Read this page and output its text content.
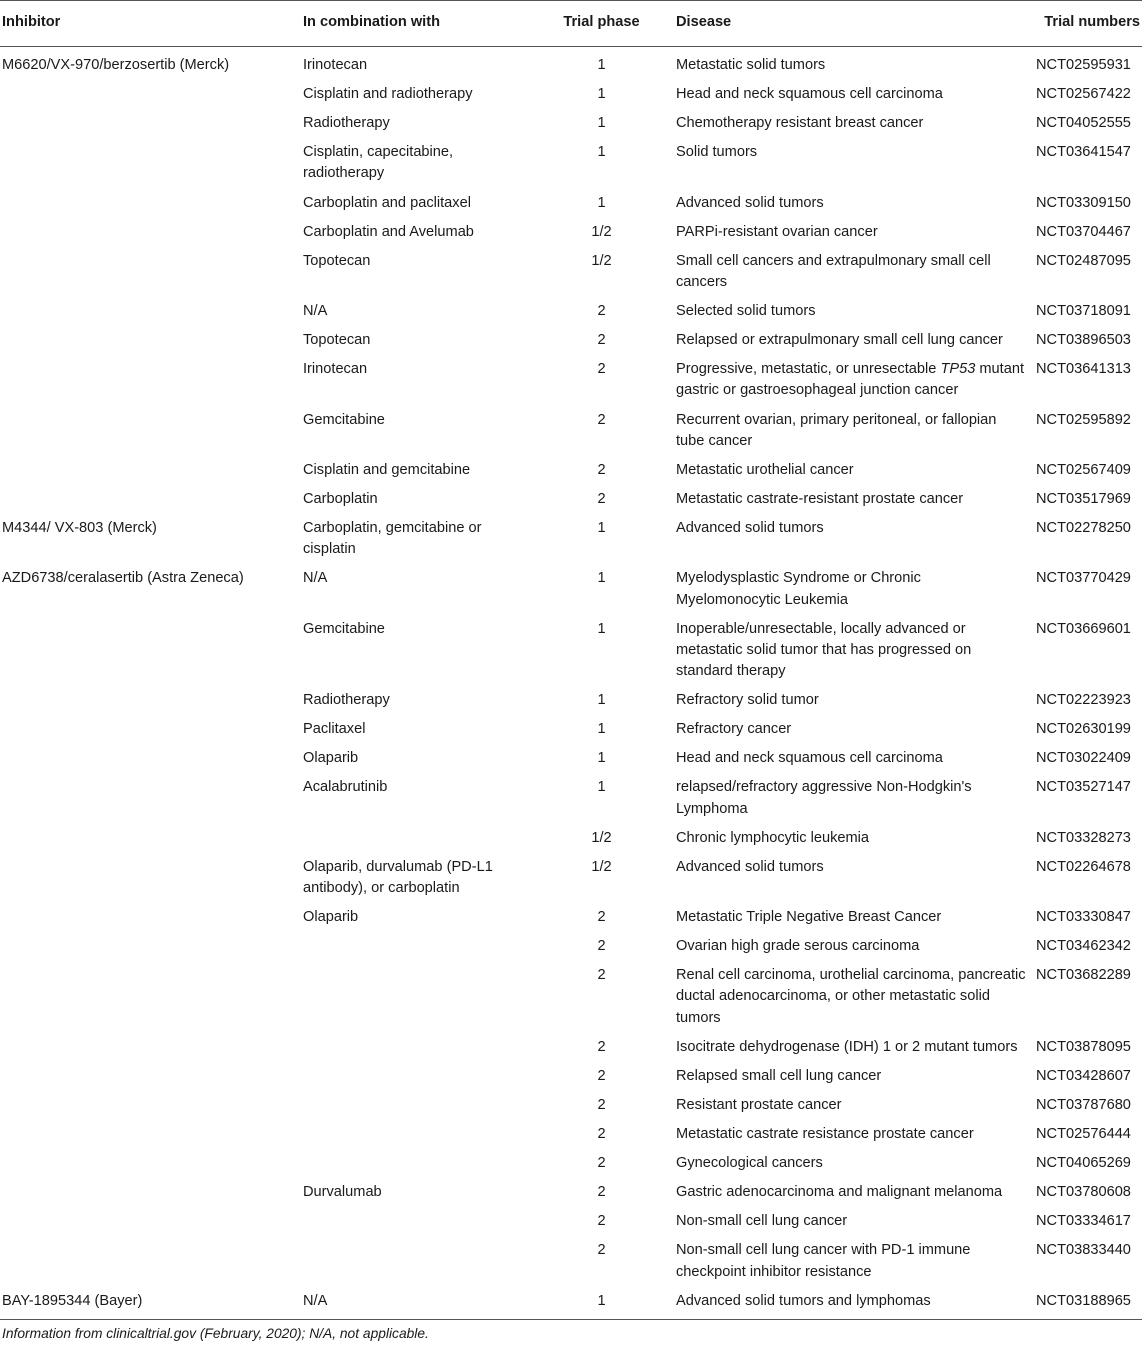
Inhibitor	In combination with	Trial phase	Disease	Trial numbers
M6620/VX-970/berzosertib (Merck)	Irinotecan	1	Metastatic solid tumors	NCT02595931
	Cisplatin and radiotherapy	1	Head and neck squamous cell carcinoma	NCT02567422
	Radiotherapy	1	Chemotherapy resistant breast cancer	NCT04052555
	Cisplatin, capecitabine, radiotherapy	1	Solid tumors	NCT03641547
	Carboplatin and paclitaxel	1	Advanced solid tumors	NCT03309150
	Carboplatin and Avelumab	1/2	PARPi-resistant ovarian cancer	NCT03704467
	Topotecan	1/2	Small cell cancers and extrapulmonary small cell cancers	NCT02487095
	N/A	2	Selected solid tumors	NCT03718091
	Topotecan	2	Relapsed or extrapulmonary small cell lung cancer	NCT03896503
	Irinotecan	2	Progressive, metastatic, or unresectable TP53 mutant gastric or gastroesophageal junction cancer	NCT03641313
	Gemcitabine	2	Recurrent ovarian, primary peritoneal, or fallopian tube cancer	NCT02595892
	Cisplatin and gemcitabine	2	Metastatic urothelial cancer	NCT02567409
	Carboplatin	2	Metastatic castrate-resistant prostate cancer	NCT03517969
M4344/ VX-803 (Merck)	Carboplatin, gemcitabine or cisplatin	1	Advanced solid tumors	NCT02278250
AZD6738/ceralasertib (Astra Zeneca)	N/A	1	Myelodysplastic Syndrome or Chronic Myelomonocytic Leukemia	NCT03770429
	Gemcitabine	1	Inoperable/unresectable, locally advanced or metastatic solid tumor that has progressed on standard therapy	NCT03669601
	Radiotherapy	1	Refractory solid tumor	NCT02223923
	Paclitaxel	1	Refractory cancer	NCT02630199
	Olaparib	1	Head and neck squamous cell carcinoma	NCT03022409
	Acalabrutinib	1	relapsed/refractory aggressive Non-Hodgkin's Lymphoma	NCT03527147
		1/2	Chronic lymphocytic leukemia	NCT03328273
	Olaparib, durvalumab (PD-L1 antibody), or carboplatin	1/2	Advanced solid tumors	NCT02264678
	Olaparib	2	Metastatic Triple Negative Breast Cancer	NCT03330847
		2	Ovarian high grade serous carcinoma	NCT03462342
		2	Renal cell carcinoma, urothelial carcinoma, pancreatic ductal adenocarcinoma, or other metastatic solid tumors	NCT03682289
		2	Isocitrate dehydrogenase (IDH) 1 or 2 mutant tumors	NCT03878095
		2	Relapsed small cell lung cancer	NCT03428607
		2	Resistant prostate cancer	NCT03787680
		2	Metastatic castrate resistance prostate cancer	NCT02576444
		2	Gynecological cancers	NCT04065269
	Durvalumab	2	Gastric adenocarcinoma and malignant melanoma	NCT03780608
		2	Non-small cell lung cancer	NCT03334617
		2	Non-small cell lung cancer with PD-1 immune checkpoint inhibitor resistance	NCT03833440
BAY-1895344 (Bayer)	N/A	1	Advanced solid tumors and lymphomas	NCT03188965

Information from clinicaltrial.gov (February, 2020); N/A, not applicable.
